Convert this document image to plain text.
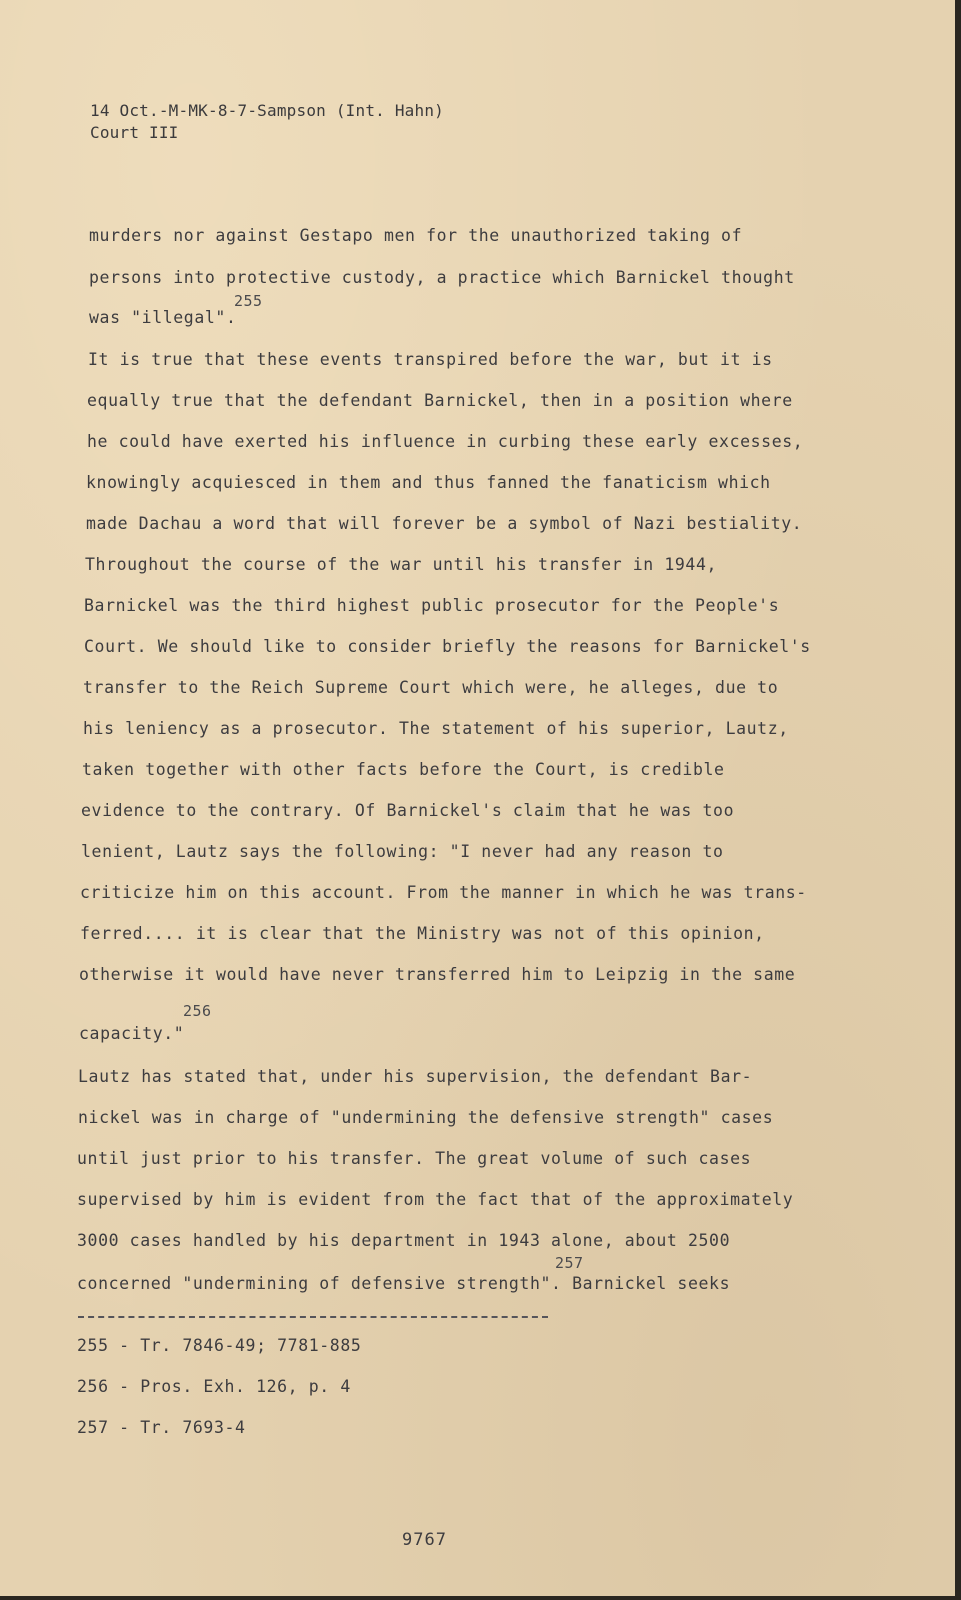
14 Oct.-M-MK-8-7-Sampson (Int. Hahn)
Court III
murders nor against Gestapo men for the unauthorized taking of
persons into protective custody, a practice which Barnickel thought
was "illegal".
255
It is true that these events transpired before the war, but it is
equally true that the defendant Barnickel, then in a position where
he could have exerted his influence in curbing these early excesses,
knowingly acquiesced in them and thus fanned the fanaticism which
made Dachau a word that will forever be a symbol of Nazi bestiality.
Throughout the course of the war until his transfer in 1944,
Barnickel was the third highest public prosecutor for the People's
Court. We should like to consider briefly the reasons for Barnickel's
transfer to the Reich Supreme Court which were, he alleges, due to
his leniency as a prosecutor. The statement of his superior, Lautz,
taken together with other facts before the Court, is credible
evidence to the contrary. Of Barnickel's claim that he was too
lenient, Lautz says the following: "I never had any reason to
criticize him on this account. From the manner in which he was trans-
ferred.... it is clear that the Ministry was not of this opinion,
otherwise it would have never transferred him to Leipzig in the same
capacity."
256
Lautz has stated that, under his supervision, the defendant Bar-
nickel was in charge of "undermining the defensive strength" cases
until just prior to his transfer. The great volume of such cases
supervised by him is evident from the fact that of the approximately
3000 cases handled by his department in 1943 alone, about 2500
concerned "undermining of defensive strength". Barnickel seeks
257
255 - Tr. 7846-49; 7781-885
256 - Pros. Exh. 126, p. 4
257 - Tr. 7693-4
9767
